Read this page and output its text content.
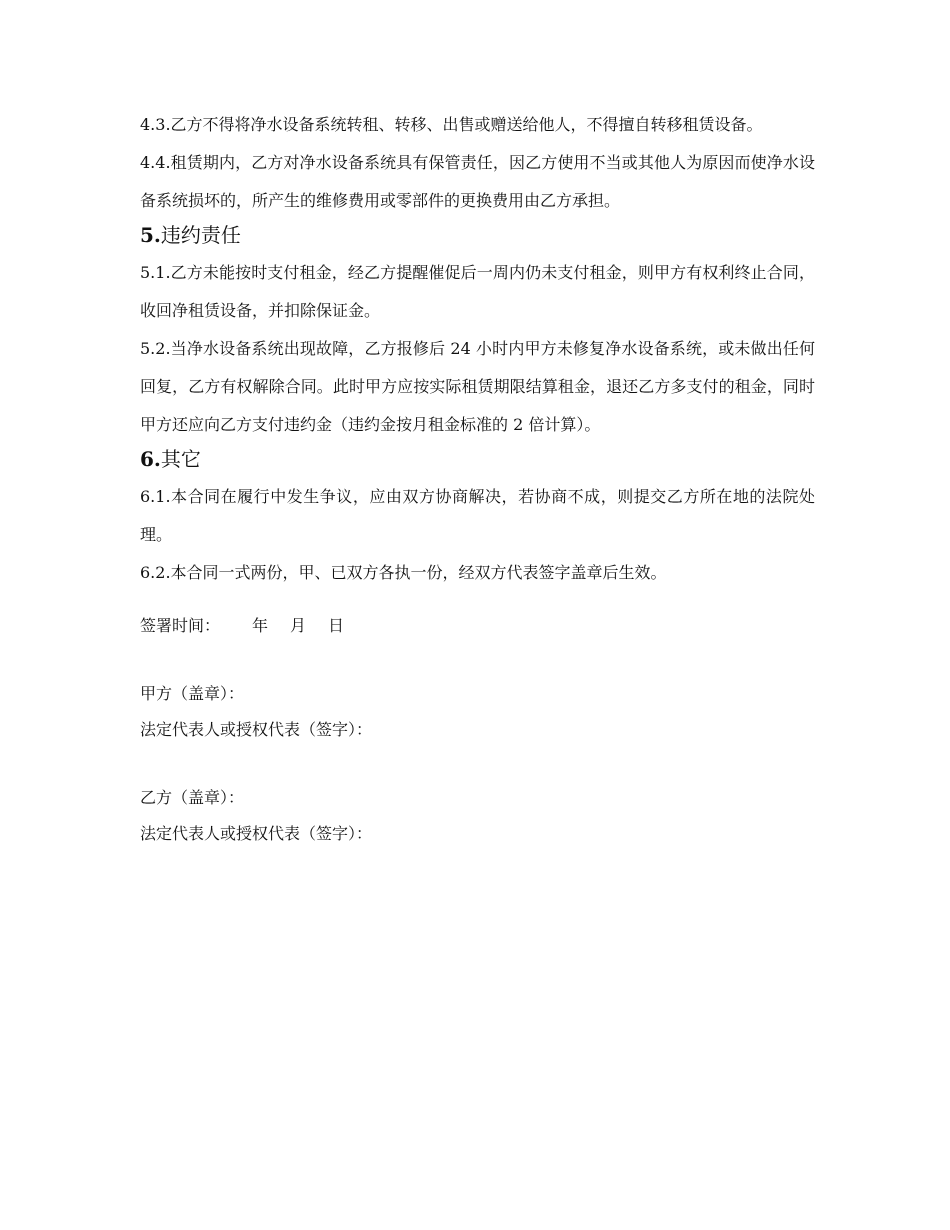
4.3.乙方不得将净水设备系统转租、转移、出售或赠送给他人，不得擅自转移租赁设备。

4.4.租赁期内，乙方对净水设备系统具有保管责任，因乙方使用不当或其他人为原因而使净水设备系统损坏的，所产生的维修费用或零部件的更换费用由乙方承担。

5.违约责任

5.1.乙方未能按时支付租金，经乙方提醒催促后一周内仍未支付租金，则甲方有权利终止合同，收回净租赁设备，并扣除保证金。

5.2.当净水设备系统出现故障，乙方报修后 24 小时内甲方未修复净水设备系统，或未做出任何回复，乙方有权解除合同。此时甲方应按实际租赁期限结算租金，退还乙方多支付的租金，同时甲方还应向乙方支付违约金（违约金按月租金标准的 2 倍计算）。

6.其它

6.1.本合同在履行中发生争议，应由双方协商解决，若协商不成，则提交乙方所在地的法院处理。

6.2.本合同一式两份，甲、已双方各执一份，经双方代表签字盖章后生效。

签署时间： 年 月 日

甲方（盖章）：

法定代表人或授权代表（签字）：

乙方（盖章）：

法定代表人或授权代表（签字）：
